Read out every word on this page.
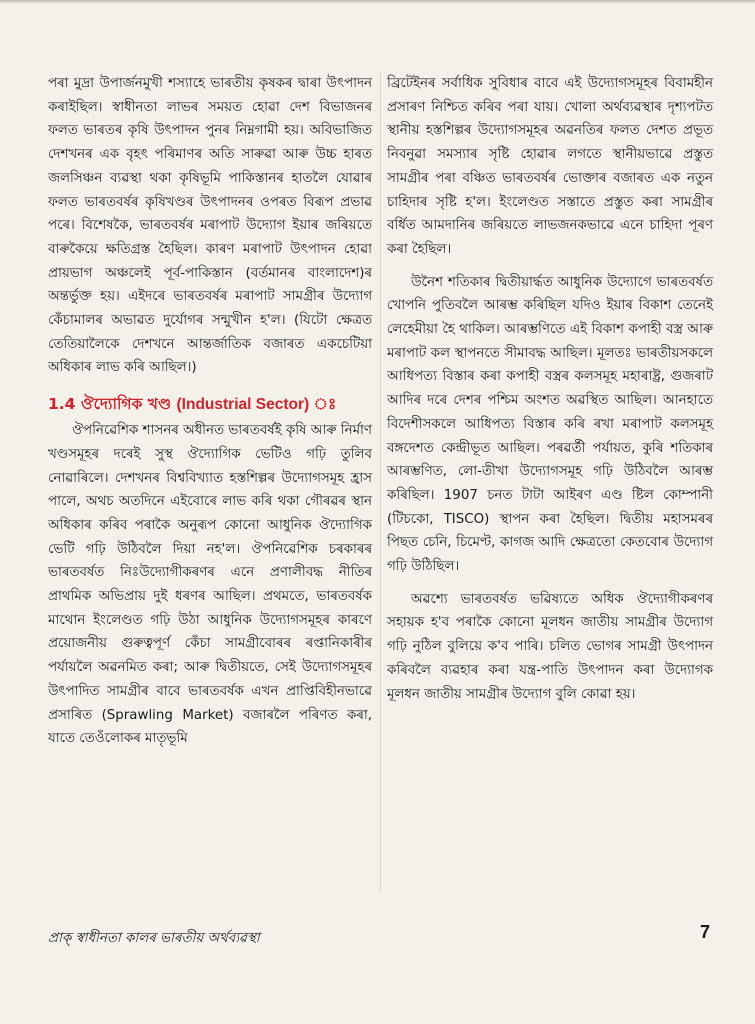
পৰা মুদ্ৰা উপাৰ্জনমুখী শস্যাহে ভাৰতীয় কৃষকৰ দ্বাৰা উৎপাদন কৰাইছিল। স্বাধীনতা লাভৰ সময়ত হোৱা দেশ বিভাজনৰ ফলত ভাৰতৰ কৃষি উৎপাদন পুনৰ নিম্নগামী হয়। অবিভাজিত দেশখনৰ এক বৃহৎ পৰিমাণৰ অতি সাৰুৱা আৰু উচ্চ হাৰত জলসিঞ্চন ব্যৱস্থা থকা কৃষিভূমি পাকিস্তানৰ হাতলৈ যোৱাৰ ফলত ভাৰতবৰ্ষৰ কৃষিখণ্ডৰ উৎপাদনৰ ওপৰত বিৰূপ প্ৰভাৱ পৰে। বিশেষকৈ, ভাৰতবৰ্ষৰ মৰাপাট উদ্যোগ ইয়াৰ জৰিয়তে বাৰুকৈয়ে ক্ষতিগ্ৰস্ত হৈছিল। কাৰণ মৰাপাট উৎপাদন হোৱা প্ৰায়ভাগ অঞ্চলেই পূৰ্ব-পাকিস্তান (বৰ্তমানৰ বাংলাদেশ)ৰ অন্তৰ্ভুক্ত হয়। এইদৰে ভাৰতবৰ্ষৰ মৰাপাট সামগ্ৰীৰ উদ্যোগ কেঁচামালৰ অভাৱত দুৰ্যোগৰ সন্মুখীন হ'ল। (যিটো ক্ষেত্ৰত তেতিয়ালৈকে দেশখনে আন্তৰ্জাতিক বজাৰত একচেটিয়া অধিকাৰ লাভ কৰি আছিল।)

1.4 ঔদ্যোগিক খণ্ড (Industrial Sector)

ঔপনিৱেশিক শাসনৰ অধীনত ভাৰতবৰ্ষই কৃষি আৰু নিৰ্মাণ খণ্ডসমূহৰ দৰেই সুস্থ ঔদ্যোগিক ভেটিও গঢ়ি তুলিব নোৱাৰিলে। দেশখনৰ বিশ্ববিখ্যাত হস্তশিল্পৰ উদ্যোগসমূহ হ্ৰাস পালে, অথচ অতদিনে এইবোৰে লাভ কৰি থকা গৌৰৱৰ স্থান অধিকাৰ কৰিব পৰাকৈ অনুৰূপ কোনো আধুনিক ঔদ্যোগিক ভেটি গঢ়ি উঠিবলৈ দিয়া নহ'ল। ঔপনিৱেশিক চৰকাৰৰ ভাৰতবৰ্ষত নিঃউদ্যোগীকৰণৰ এনে প্ৰণালীবদ্ধ নীতিৰ প্ৰাথমিক অভিপ্ৰায় দুই ধৰণৰ আছিল। প্ৰথমতে, ভাৰতবৰ্ষক মাথোন ইংলেণ্ডত গঢ়ি উঠা আধুনিক উদ্যোগসমূহৰ কাৰণে প্ৰয়োজনীয় গুৰুত্বপূৰ্ণ কেঁচা সামগ্ৰীবোৰৰ ৰপ্তানিকাৰীৰ পৰ্যায়লৈ অৱনমিত কৰা; আৰু দ্বিতীয়তে, সেই উদ্যোগসমূহৰ উৎপাদিত সামগ্ৰীৰ বাবে ভাৰতবৰ্ষক এখন প্ৰাপ্তিবিহীনভাৱে প্ৰসাৰিত (Sprawling Market) বজাৰলৈ পৰিণত কৰা, যাতে তেওঁলোকৰ মাতৃভূমি

ব্ৰিটেইনৰ সৰ্বাধিক সুবিধাৰ বাবে এই উদ্যোগসমূহৰ বিবামহীন প্ৰসাৰণ নিশ্চিত কৰিব পৰা যায়। খোলা অৰ্থব্যৱস্থাৰ দৃশ্যপটত স্থানীয় হস্তশিল্পৰ উদ্যোগসমূহৰ অৱনতিৰ ফলত দেশত প্ৰভূত নিবনুৱা সমস্যাৰ সৃষ্টি হোৱাৰ লগতে স্থানীয়ভাৱে প্ৰস্তুত সামগ্ৰীৰ পৰা বঞ্চিত ভাৰতবৰ্ষৰ ভোক্তাৰ বজাৰত এক নতুন চাহিদাৰ সৃষ্টি হ'ল। ইংলেণ্ডত সস্তাতে প্ৰস্তুত কৰা সামগ্ৰীৰ বৰ্ধিত আমদানিৰ জৰিয়তে লাভজনকভাৱে এনে চাহিদা পূৰণ কৰা হৈছিল।

উনৈশ শতিকাৰ দ্বিতীয়াৰ্দ্ধত আধুনিক উদ্যোগে ভাৰতবৰ্ষত খোপনি পুতিবলৈ আৰম্ভ কৰিছিল যদিও ইয়াৰ বিকাশ তেনেই লেহেমীয়া হৈ থাকিল। আৰম্ভণিতে এই বিকাশ কপাহী বস্ত্ৰ আৰু মৰাপাট কল স্থাপনতে সীমাবদ্ধ আছিল। মূলতঃ ভাৰতীয়সকলে আধিপত্য বিস্তাৰ কৰা কপাহী বস্ত্ৰৰ কলসমূহ মহাৰাষ্ট্ৰ, গুজৰাট আদিৰ দৰে দেশৰ পশ্চিম অংশত অৱস্থিত আছিল। আনহাতে বিদেশীসকলে আধিপত্য বিস্তাৰ কৰি ৰখা মৰাপাট কলসমূহ বঙ্গদেশত কেন্দ্ৰীভূত আছিল। পৰৱৰ্তী পৰ্যায়ত, কুৰি শতিকাৰ আৰম্ভণিত, লো-তীখা উদ্যোগসমূহ গঢ়ি উঠিবলৈ আৰম্ভ কৰিছিল। 1907 চনত টাটা আইৰণ এণ্ড ষ্টিল কোম্পানী (টিচকো, TISCO) স্থাপন কৰা হৈছিল। দ্বিতীয় মহাসমৰৰ পিছত চেনি, চিমেণ্ট, কাগজ আদি ক্ষেত্ৰতো কেতবোৰ উদ্যোগ গঢ়ি উঠিছিল।

অৱশ্যে ভাৰতবৰ্ষত ভৱিষ্যতে অধিক ঔদ্যোগীকৰণৰ সহায়ক হ'ব পৰাকৈ কোনো মূলধন জাতীয় সামগ্ৰীৰ উদ্যোগ গঢ়ি নুঠিল বুলিয়ে ক'ব পাৰি। চলিত ভোগৰ সামগ্ৰী উৎপাদন কৰিবলৈ ব্যৱহাৰ কৰা যন্ত্ৰ-পাতি উৎপাদন কৰা উদ্যোগক মূলধন জাতীয় সামগ্ৰীৰ উদ্যোগ বুলি কোৱা হয়।

প্ৰাক্ স্বাধীনতা কালৰ ভাৰতীয় অৰ্থব্যৱস্থা	7
